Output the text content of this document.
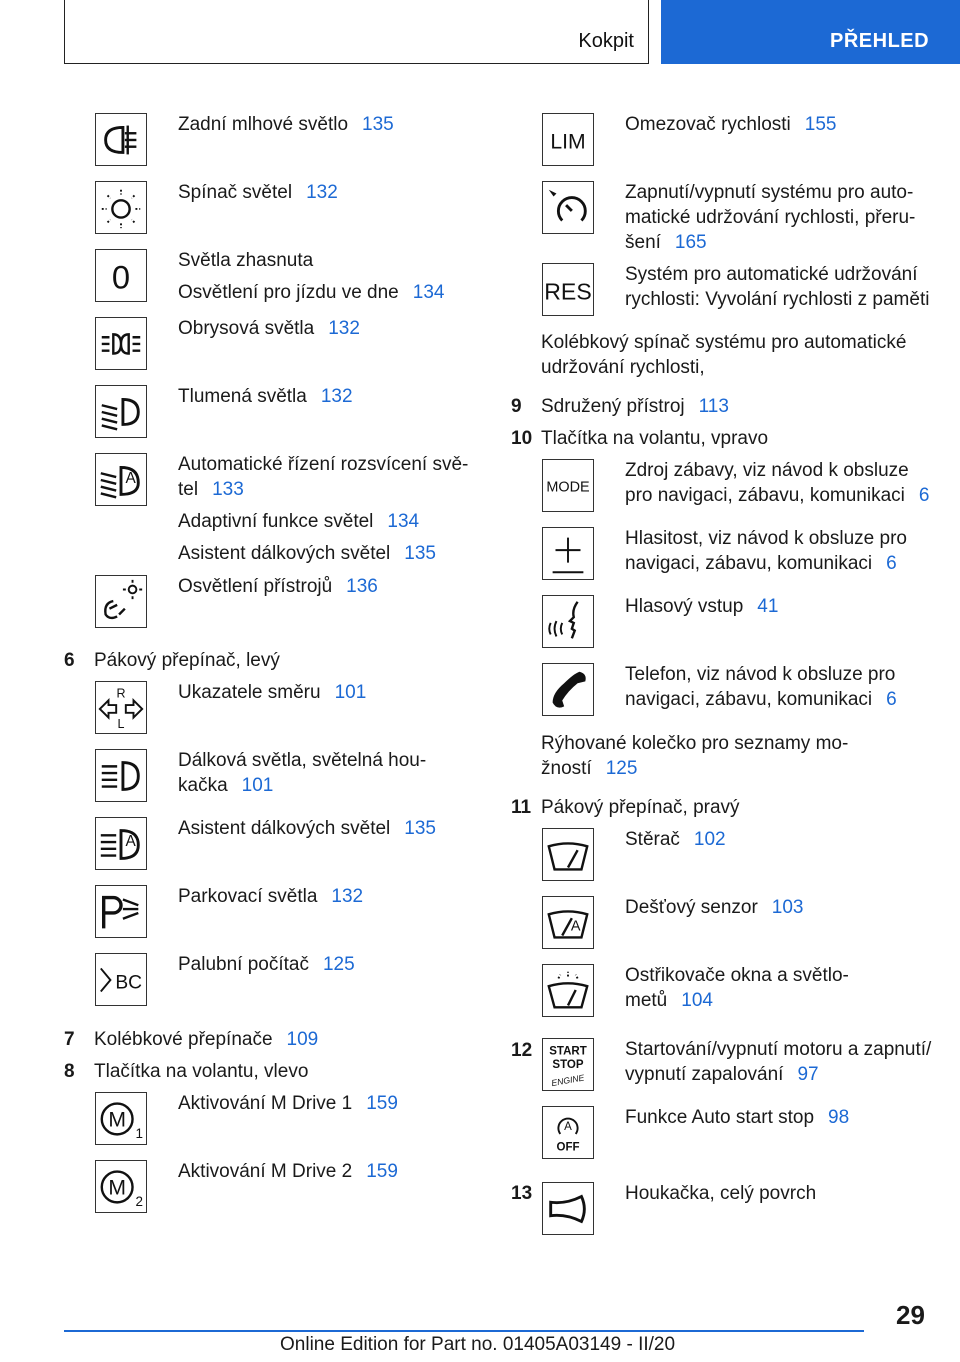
Kokpit	PŘEHLED
Zadní mlhové světlo 135
Spínač světel 132
0	Světla zhasnuta
Osvětlení pro jízdu ve dne 134
Obrysová světla 132
Tlumená světla 132
A
Automatické řízení rozsvícení svě-
tel 133
Adaptivní funkce světel 134
Asistent dálkových světel 135
Osvětlení přístrojů 136
6 Pákový přepínač, levý
R
L
Ukazatele směru 101
Dálková světla, světelná hou-
kačka 101
A
Asistent dálkových světel 135
Parkovací světla 132
BC
Palubní počítač 125
7 Kolébkové přepínače 109
8 Tlačítka na volantu, vlevo
M
1
Aktivování M Drive 1 159
M
2
Aktivování M Drive 2 159
LIM
Omezovač rychlosti 155
Zapnutí/vypnutí systému pro auto-
matické udržování rychlosti, přeru-
šení 165
RES
Systém pro automatické udržování
rychlosti: Vyvolání rychlosti z paměti
Kolébkový spínač systému pro automatické
udržování rychlosti,
9 Sdružený přístroj 113
10 Tlačítka na volantu, vpravo
MODE
Zdroj zábavy, viz návod k obsluze
pro navigaci, zábavu, komunikaci 6
Hlasitost, viz návod k obsluze pro
navigaci, zábavu, komunikaci 6
Hlasový vstup 41
Telefon, viz návod k obsluze pro
navigaci, zábavu, komunikaci 6
Rýhované kolečko pro seznamy mo-
žností 125
11 Pákový přepínač, pravý
Stěrač 102
A
Dešťový senzor 103
Ostřikovače okna a světlo-
metů 104
12 START
STOP
ENGINE
Startování/vypnutí motoru a zapnutí/
vypnutí zapalování 97
A
OFF
Funkce Auto start stop 98
13	Houkačka, celý povrch
29
Online Edition for Part no. 01405A03149 - II/20
